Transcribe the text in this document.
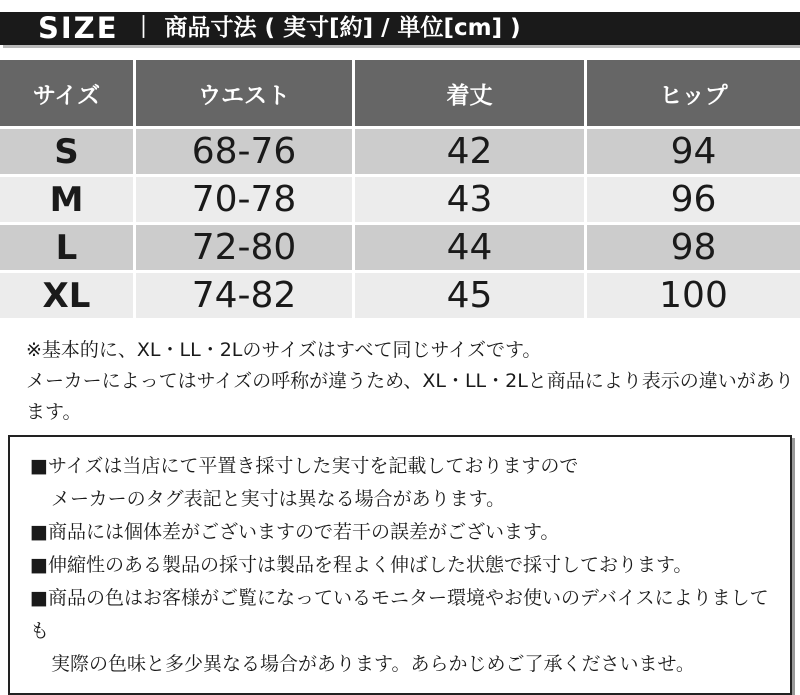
SIZE ｜ 商品寸法 ( 実寸[約] / 単位[cm] )
サイズ	ウエスト	着丈	ヒップ
S	68-76	42	94
M	70-78	43	96
L	72-80	44	98
XL	74-82	45	100
※基本的に、XL・LL・2Lのサイズはすべて同じサイズです。
メーカーによってはサイズの呼称が違うため、XL・LL・2Lと商品により表示の違いがあります。

■サイズは当店にて平置き採寸した実寸を記載しておりますので

メーカーのタグ表記と実寸は異なる場合があります。

■商品には個体差がございますので若干の誤差がございます。

■伸縮性のある製品の採寸は製品を程よく伸ばした状態で採寸しております。

■商品の色はお客様がご覧になっているモニター環境やお使いのデバイスによりましても

実際の色味と多少異なる場合があります。あらかじめご了承くださいませ。
